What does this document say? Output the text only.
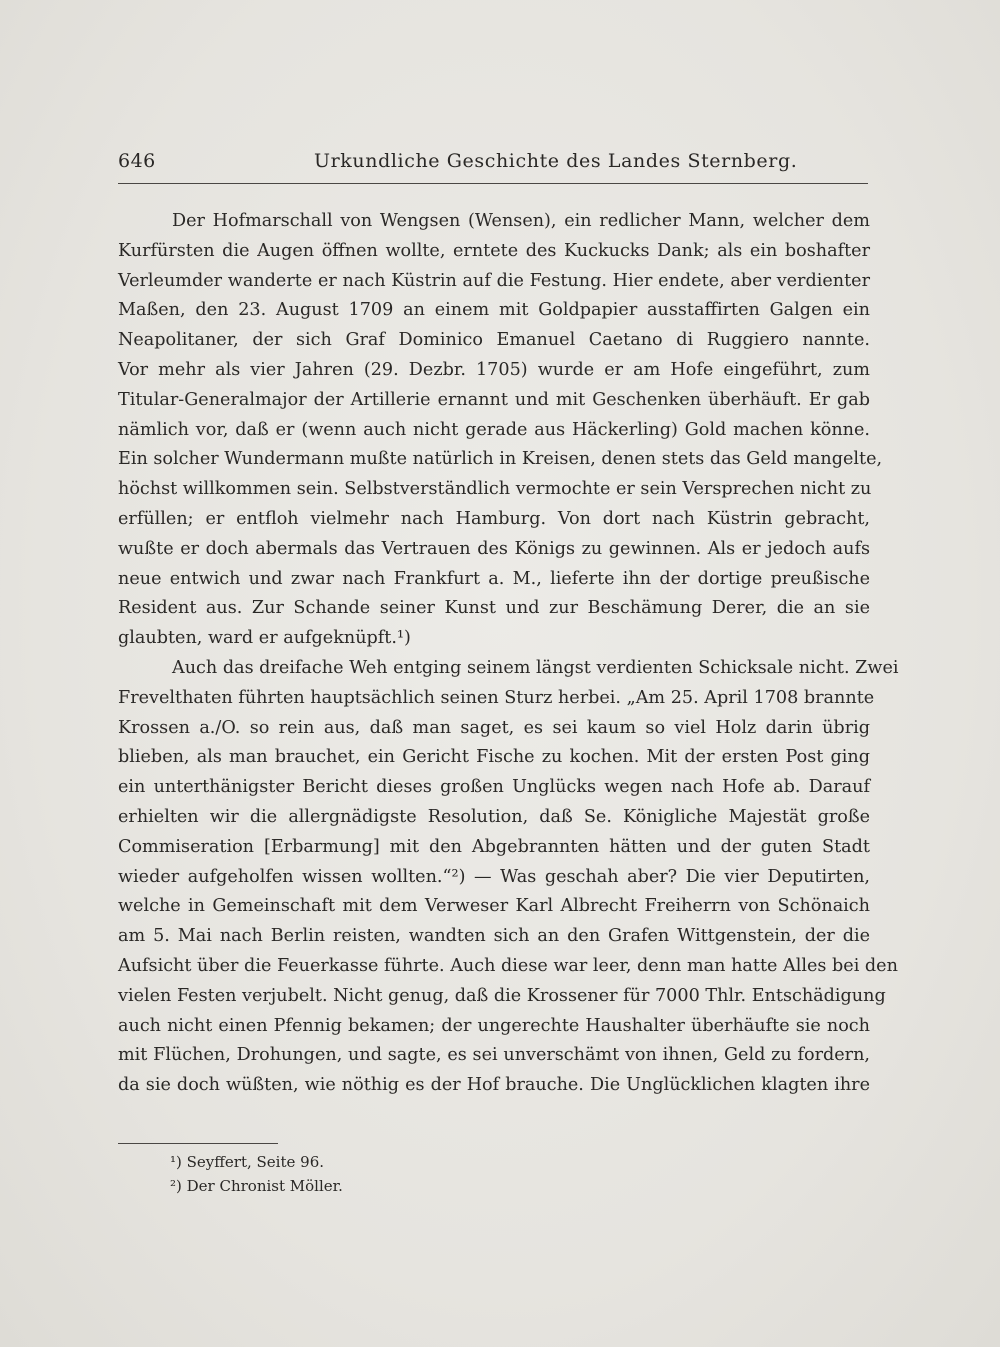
646	Urkundliche Geschichte des Landes Sternberg.
Der Hofmarschall von Wengsen (Wensen), ein redlicher Mann, welcher dem
Kurfürsten die Augen öffnen wollte, erntete des Kuckucks Dank; als ein boshafter
Verleumder wanderte er nach Küstrin auf die Festung. Hier endete, aber verdienter
Maßen, den 23. August 1709 an einem mit Goldpapier ausstaffirten Galgen ein
Neapolitaner, der sich Graf Dominico Emanuel Caetano di Ruggiero nannte.
Vor mehr als vier Jahren (29. Dezbr. 1705) wurde er am Hofe eingeführt, zum
Titular-Generalmajor der Artillerie ernannt und mit Geschenken überhäuft. Er gab
nämlich vor, daß er (wenn auch nicht gerade aus Häckerling) Gold machen könne.
Ein solcher Wundermann mußte natürlich in Kreisen, denen stets das Geld mangelte,
höchst willkommen sein. Selbstverständlich vermochte er sein Versprechen nicht zu
erfüllen; er entfloh vielmehr nach Hamburg. Von dort nach Küstrin gebracht,
wußte er doch abermals das Vertrauen des Königs zu gewinnen. Als er jedoch aufs
neue entwich und zwar nach Frankfurt a. M., lieferte ihn der dortige preußische
Resident aus. Zur Schande seiner Kunst und zur Beschämung Derer, die an sie
glaubten, ward er aufgeknüpft.¹)
Auch das dreifache Weh entging seinem längst verdienten Schicksale nicht. Zwei
Frevelthaten führten hauptsächlich seinen Sturz herbei. „Am 25. April 1708 brannte
Krossen a./O. so rein aus, daß man saget, es sei kaum so viel Holz darin übrig
blieben, als man brauchet, ein Gericht Fische zu kochen. Mit der ersten Post ging
ein unterthänigster Bericht dieses großen Unglücks wegen nach Hofe ab. Darauf
erhielten wir die allergnädigste Resolution, daß Se. Königliche Majestät große
Commiseration [Erbarmung] mit den Abgebrannten hätten und der guten Stadt
wieder aufgeholfen wissen wollten.“²) — Was geschah aber? Die vier Deputirten,
welche in Gemeinschaft mit dem Verweser Karl Albrecht Freiherrn von Schönaich
am 5. Mai nach Berlin reisten, wandten sich an den Grafen Wittgenstein, der die
Aufsicht über die Feuerkasse führte. Auch diese war leer, denn man hatte Alles bei den
vielen Festen verjubelt. Nicht genug, daß die Krossener für 7000 Thlr. Entschädigung
auch nicht einen Pfennig bekamen; der ungerechte Haushalter überhäufte sie noch
mit Flüchen, Drohungen, und sagte, es sei unverschämt von ihnen, Geld zu fordern,
da sie doch wüßten, wie nöthig es der Hof brauche. Die Unglücklichen klagten ihre
¹) Seyffert, Seite 96.
²) Der Chronist Möller.
